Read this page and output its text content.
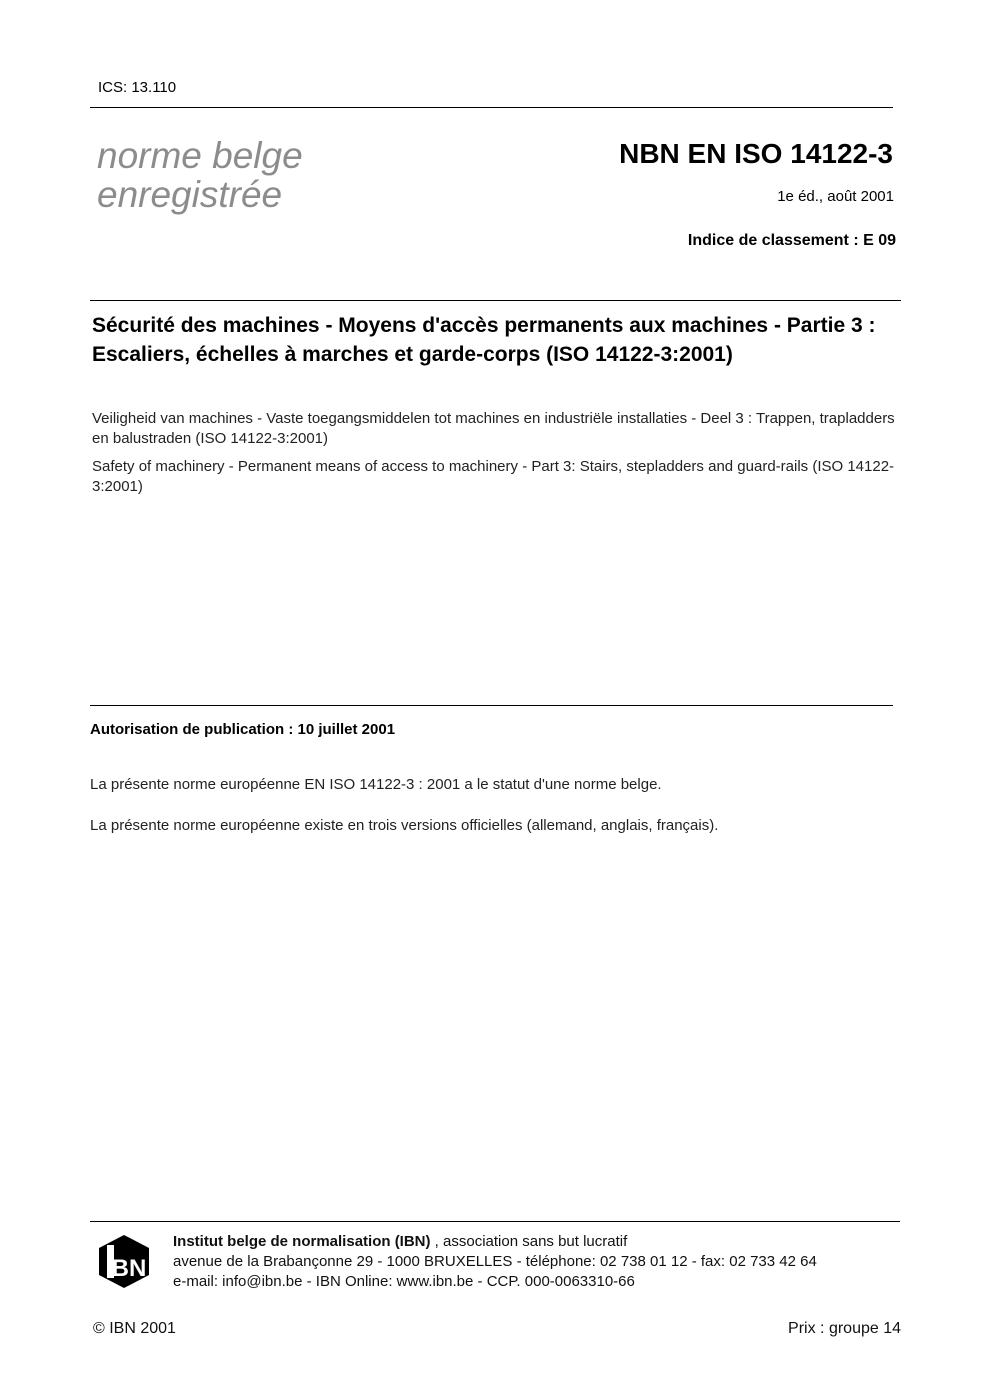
ICS: 13.110
norme belge
enregistrée
NBN EN ISO 14122-3
1e éd., août 2001
Indice de classement : E 09
Sécurité des machines - Moyens d'accès permanents aux machines - Partie 3 : Escaliers, échelles à marches et garde-corps (ISO 14122-3:2001)
Veiligheid van machines - Vaste toegangsmiddelen tot machines en industriële installaties - Deel 3 : Trappen, trapladders en balustraden (ISO 14122-3:2001)
Safety of machinery - Permanent means of access to machinery - Part 3: Stairs, stepladders and guard-rails (ISO 14122-3:2001)
Autorisation de publication : 10 juillet 2001
La présente norme européenne EN ISO 14122-3 : 2001 a le statut d'une norme belge.
La présente norme européenne existe en trois versions officielles (allemand, anglais, français).
BN
Institut belge de normalisation (IBN) , association sans but lucratif
avenue de la Brabançonne 29 - 1000 BRUXELLES - téléphone: 02 738 01 12 - fax: 02 733 42 64
e-mail: info@ibn.be - IBN Online: www.ibn.be - CCP. 000-0063310-66
© IBN 2001	Prix : groupe 14
